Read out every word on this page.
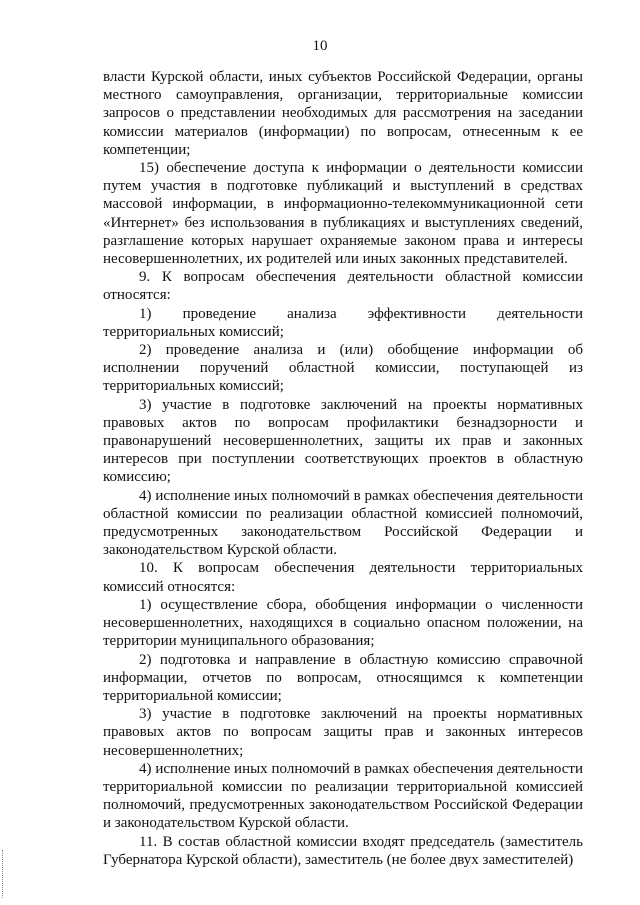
10

власти Курской области, иных субъектов Российской Федерации, органы местного самоуправления, организации, территориальные комиссии запросов о представлении необходимых для рассмотрения на заседании комиссии материалов (информации) по вопросам, отнесенным к ее компетенции;

15) обеспечение доступа к информации о деятельности комиссии путем участия в подготовке публикаций и выступлений в средствах массовой информации, в информационно-телекоммуникационной сети «Интернет» без использования в публикациях и выступлениях сведений, разглашение которых нарушает охраняемые законом права и интересы несовершеннолетних, их родителей или иных законных представителей.

9. К вопросам обеспечения деятельности областной комиссии относятся:

1) проведение анализа эффективности деятельности территориальных комиссий;

2) проведение анализа и (или) обобщение информации об исполнении поручений областной комиссии, поступающей из территориальных комиссий;

3) участие в подготовке заключений на проекты нормативных правовых актов по вопросам профилактики безнадзорности и правонарушений несовершеннолетних, защиты их прав и законных интересов при поступлении соответствующих проектов в областную комиссию;

4) исполнение иных полномочий в рамках обеспечения деятельности областной комиссии по реализации областной комиссией полномочий, предусмотренных законодательством Российской Федерации и законодательством Курской области.

10. К вопросам обеспечения деятельности территориальных комиссий относятся:

1) осуществление сбора, обобщения информации о численности несовершеннолетних, находящихся в социально опасном положении, на территории муниципального образования;

2) подготовка и направление в областную комиссию справочной информации, отчетов по вопросам, относящимся к компетенции территориальной комиссии;

3) участие в подготовке заключений на проекты нормативных правовых актов по вопросам защиты прав и законных интересов несовершеннолетних;

4) исполнение иных полномочий в рамках обеспечения деятельности территориальной комиссии по реализации территориальной комиссией полномочий, предусмотренных законодательством Российской Федерации и законодательством Курской области.

11. В состав областной комиссии входят председатель (заместитель Губернатора Курской области), заместитель (не более двух заместителей)
